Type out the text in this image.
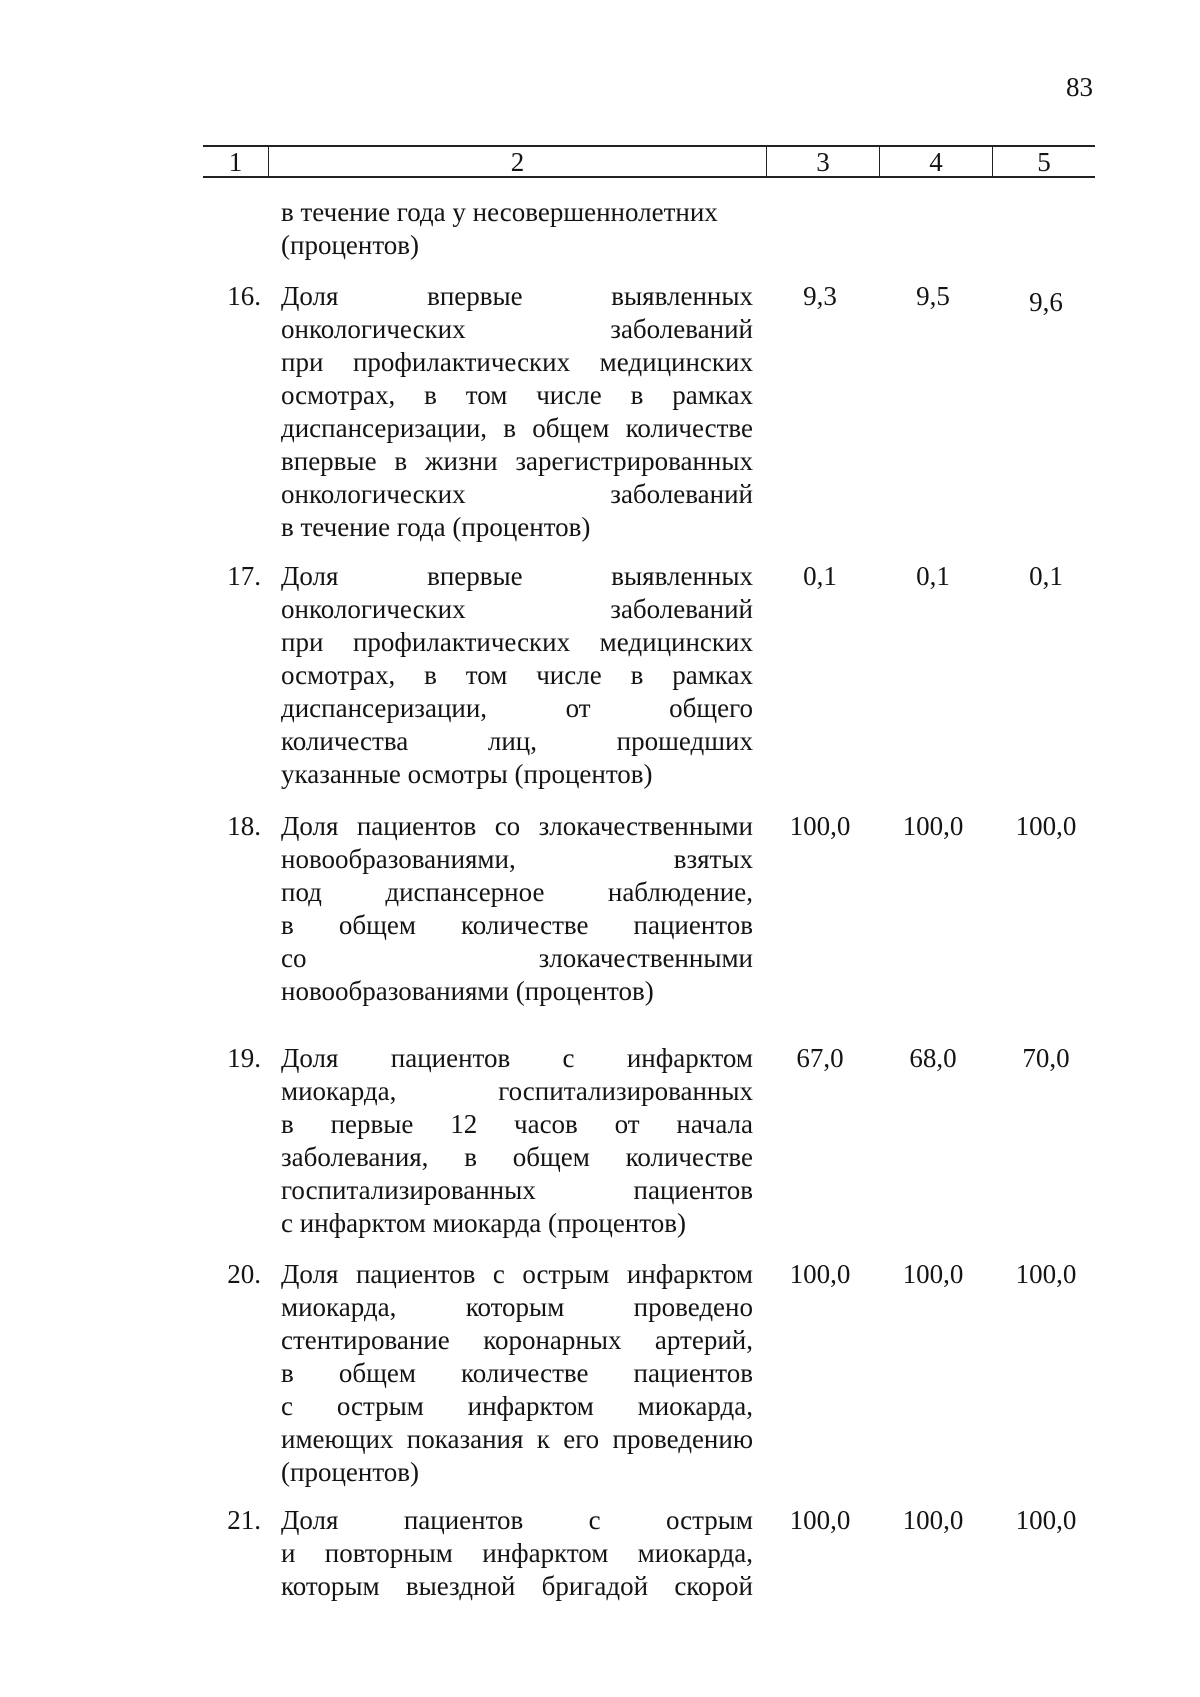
83
1	2	3	4	5
в течение года у несовершеннолетних
(процентов)
16. Доля впервые выявленных
онкологических заболеваний
при профилактических медицинских
осмотрах, в том числе в рамках
диспансеризации, в общем количестве
впервые в жизни зарегистрированных
онкологических заболеваний
в течение года (процентов)
9,3	9,5	9,6
17. Доля впервые выявленных
онкологических заболеваний
при профилактических медицинских
осмотрах, в том числе в рамках
диспансеризации, от общего
количества лиц, прошедших
указанные осмотры (процентов)
0,1	0,1	0,1
18. Доля пациентов со злокачественными
новообразованиями, взятых
под диспансерное наблюдение,
в общем количестве пациентов
со злокачественными
новообразованиями (процентов)
100,0	100,0	100,0
19. Доля пациентов с инфарктом
миокарда, госпитализированных
в первые 12 часов от начала
заболевания, в общем количестве
госпитализированных пациентов
с инфарктом миокарда (процентов)
67,0	68,0	70,0
20. Доля пациентов с острым инфарктом
миокарда, которым проведено
стентирование коронарных артерий,
в общем количестве пациентов
с острым инфарктом миокарда,
имеющих показания к его проведению
(процентов)
100,0	100,0	100,0
21. Доля пациентов с острым
и повторным инфарктом миокарда,
которым выездной бригадой скорой
100,0	100,0	100,0
